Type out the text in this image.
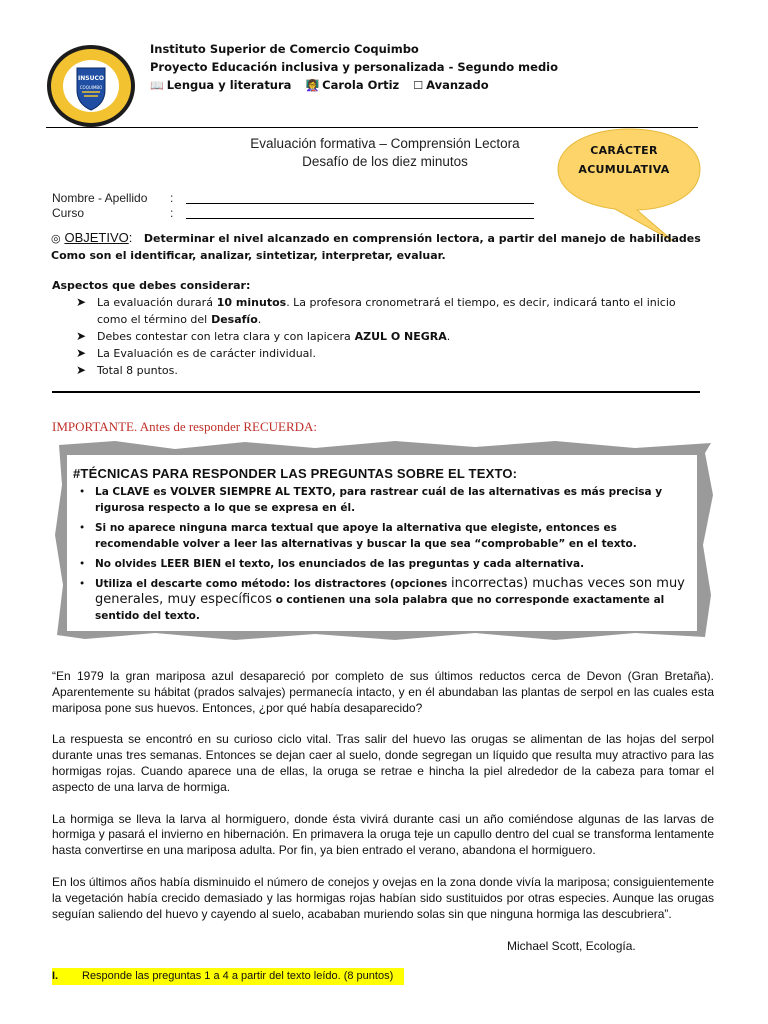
INSUCO
COQUIMBO
Instituto Superior de Comercio Coquimbo
Proyecto Educación inclusiva y personalizada - Segundo medio
📖 Lengua y literatura 👩‍🏫 Carola Ortiz ☐ Avanzado
Evaluación formativa – Comprensión Lectora
Desafío de los diez minutos
CARÁCTER
ACUMULATIVA
Nombre - Apellido :
Curso	:
◎ OBJETIVO: Determinar el nivel alcanzado en comprensión lectora, a partir del manejo de habilidades Como son el identificar, analizar, sintetizar, interpretar, evaluar.
Aspectos que debes considerar:
➤ La evaluación durará 10 minutos. La profesora cronometrará el tiempo, es decir, indicará tanto el inicio como el término del Desafío.
➤ Debes contestar con letra clara y con lapicera AZUL O NEGRA.
➤ La Evaluación es de carácter individual.
➤ Total 8 puntos.
IMPORTANTE. Antes de responder RECUERDA:
#TÉCNICAS PARA RESPONDER LAS PREGUNTAS SOBRE EL TEXTO:
• La CLAVE es VOLVER SIEMPRE AL TEXTO, para rastrear cuál de las alternativas es más precisa y rigurosa respecto a lo que se expresa en él.
• Si no aparece ninguna marca textual que apoye la alternativa que elegiste, entonces es recomendable volver a leer las alternativas y buscar la que sea “comprobable” en el texto.
• No olvides LEER BIEN el texto, los enunciados de las preguntas y cada alternativa.
• Utiliza el descarte como método: los distractores (opciones incorrectas) muchas veces son muy generales, muy específicos o contienen una sola palabra que no corresponde exactamente al sentido del texto.

“En 1979 la gran mariposa azul desapareció por completo de sus últimos reductos cerca de Devon (Gran Bretaña). Aparentemente su hábitat (prados salvajes) permanecía intacto, y en él abundaban las plantas de serpol en las cuales esta mariposa pone sus huevos. Entonces, ¿por qué había desaparecido?

La respuesta se encontró en su curioso ciclo vital. Tras salir del huevo las orugas se alimentan de las hojas del serpol durante unas tres semanas. Entonces se dejan caer al suelo, donde segregan un líquido que resulta muy atractivo para las hormigas rojas. Cuando aparece una de ellas, la oruga se retrae e hincha la piel alrededor de la cabeza para tomar el aspecto de una larva de hormiga.

La hormiga se lleva la larva al hormiguero, donde ésta vivirá durante casi un año comiéndose algunas de las larvas de hormiga y pasará el invierno en hibernación. En primavera la oruga teje un capullo dentro del cual se transforma lentamente hasta convertirse en una mariposa adulta. Por fin, ya bien entrado el verano, abandona el hormiguero.

En los últimos años había disminuido el número de conejos y ovejas en la zona donde vivía la mariposa; consiguientemente la vegetación había crecido demasiado y las hormigas rojas habían sido sustituidos por otras especies. Aunque las orugas seguían saliendo del huevo y cayendo al suelo, acababan muriendo solas sin que ninguna hormiga las descubriera”.

Michael Scott, Ecología.
I. Responde las preguntas 1 a 4 a partir del texto leído. (8 puntos)
